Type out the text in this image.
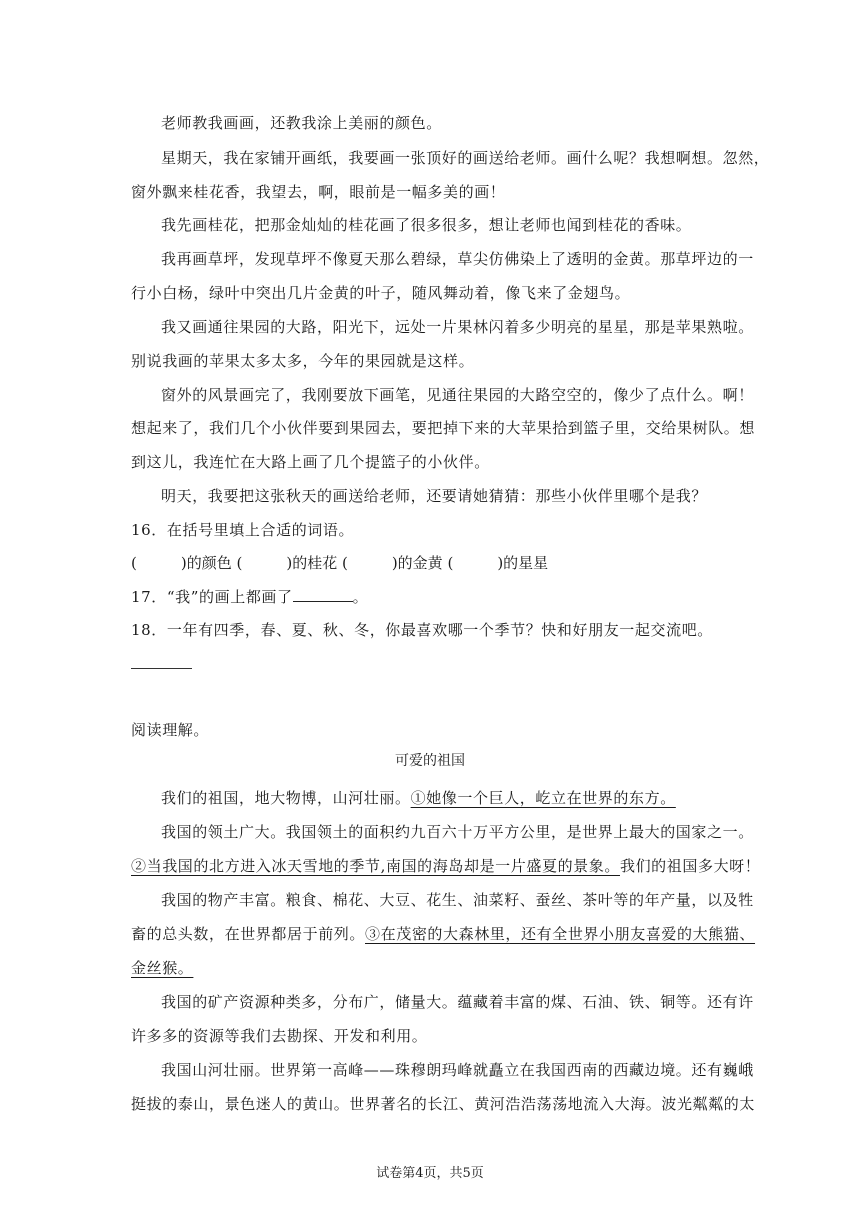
老师教我画画，还教我涂上美丽的颜色。
星期天，我在家铺开画纸，我要画一张顶好的画送给老师。画什么呢？我想啊想。忽然，
窗外飘来桂花香，我望去，啊，眼前是一幅多美的画！
我先画桂花，把那金灿灿的桂花画了很多很多，想让老师也闻到桂花的香味。
我再画草坪，发现草坪不像夏天那么碧绿，草尖仿佛染上了透明的金黄。那草坪边的一
行小白杨，绿叶中突出几片金黄的叶子，随风舞动着，像飞来了金翅鸟。
我又画通往果园的大路，阳光下，远处一片果林闪着多少明亮的星星，那是苹果熟啦。
别说我画的苹果太多太多，今年的果园就是这样。
窗外的风景画完了，我刚要放下画笔，见通往果园的大路空空的，像少了点什么。啊！
想起来了，我们几个小伙伴要到果园去，要把掉下来的大苹果拾到篮子里，交给果树队。想
到这儿，我连忙在大路上画了几个提篮子的小伙伴。
明天，我要把这张秋天的画送给老师，还要请她猜猜：那些小伙伴里哪个是我？
16．在括号里填上合适的词语。
(	)的颜色 (	)的桂花 (	)的金黄 (	)的星星
17．“我”的画上都画了	。
18．一年有四季，春、夏、秋、冬，你最喜欢哪一个季节？快和好朋友一起交流吧。
阅读理解。
可爱的祖国
我们的祖国，地大物博，山河壮丽。①她像一个巨人，屹立在世界的东方。
我国的领土广大。我国领土的面积约九百六十万平方公里，是世界上最大的国家之一。
②当我国的北方进入冰天雪地的季节,南国的海岛却是一片盛夏的景象。我们的祖国多大呀！
我国的物产丰富。粮食、棉花、大豆、花生、油菜籽、蚕丝、茶叶等的年产量，以及牲
畜的总头数，在世界都居于前列。③在茂密的大森林里，还有全世界小朋友喜爱的大熊猫、
金丝猴。
我国的矿产资源种类多，分布广，储量大。蕴藏着丰富的煤、石油、铁、铜等。还有许
许多多的资源等我们去勘探、开发和利用。
我国山河壮丽。世界第一高峰——珠穆朗玛峰就矗立在我国西南的西藏边境。还有巍峨
挺拔的泰山，景色迷人的黄山。世界著名的长江、黄河浩浩荡荡地流入大海。波光粼粼的太
试卷第4页，共5页
